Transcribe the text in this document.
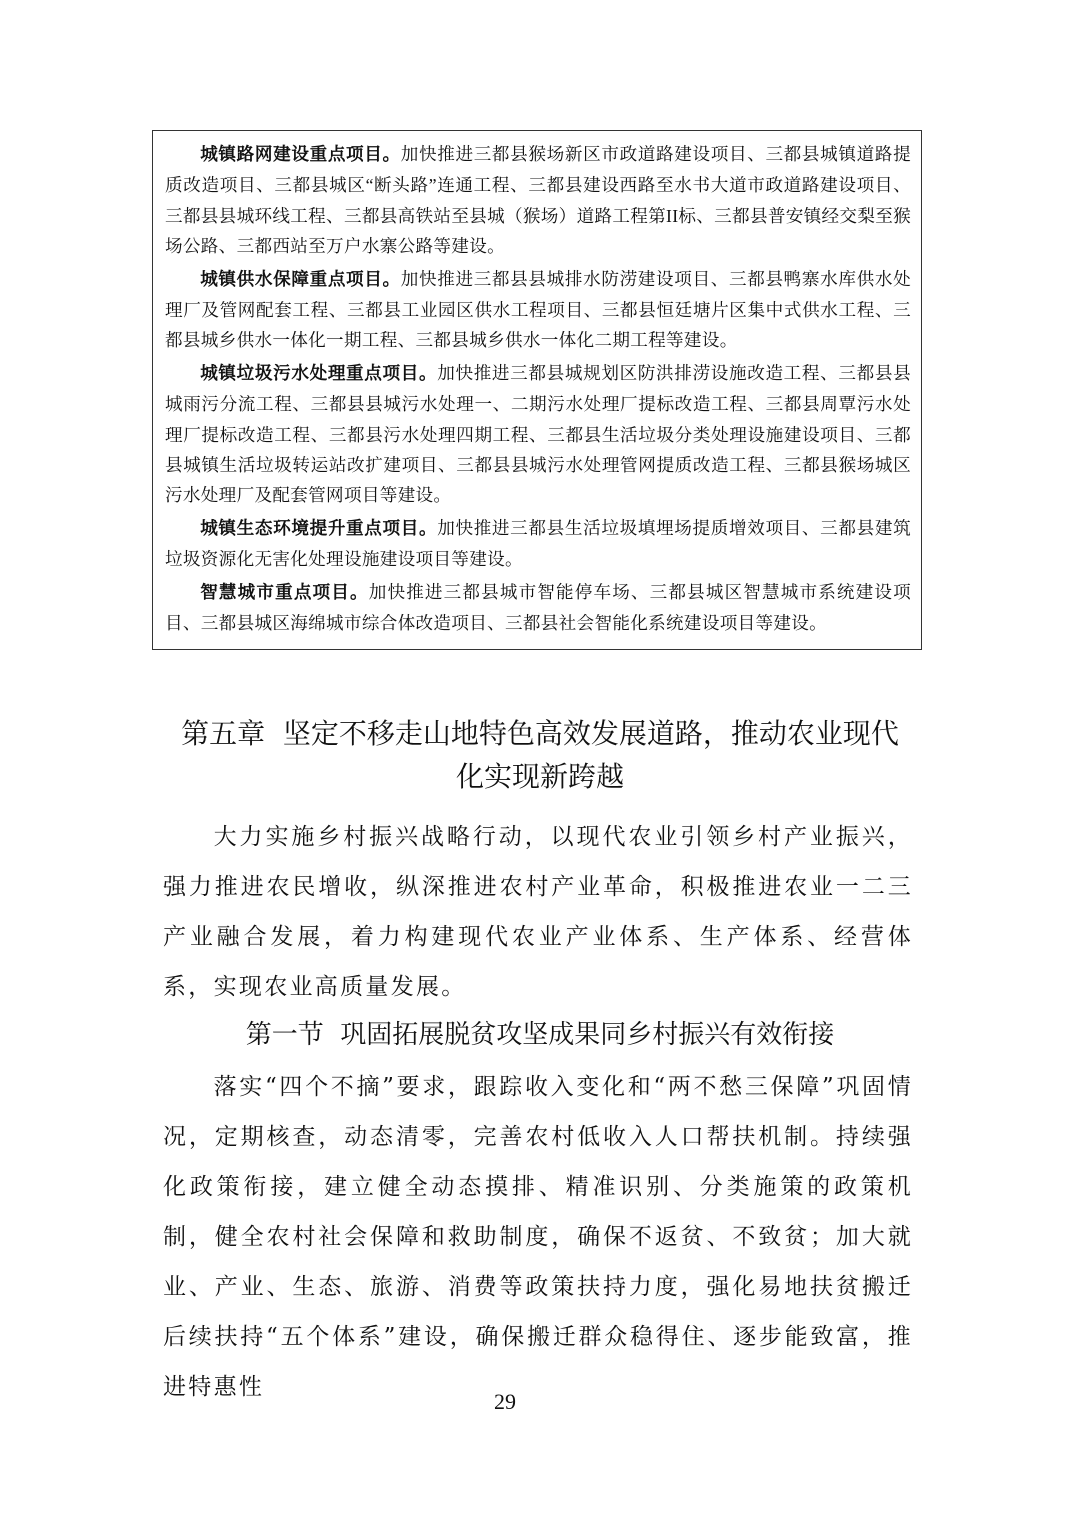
城镇路网建设重点项目。加快推进三都县猴场新区市政道路建设项目、三都县城镇道路提质改造项目、三都县城区“断头路”连通工程、三都县建设西路至水书大道市政道路建设项目、三都县县城环线工程、三都县高铁站至县城（猴场）道路工程第II标、三都县普安镇经交梨至猴场公路、三都西站至万户水寨公路等建设。

城镇供水保障重点项目。加快推进三都县县城排水防涝建设项目、三都县鸭寨水库供水处理厂及管网配套工程、三都县工业园区供水工程项目、三都县恒廷塘片区集中式供水工程、三都县城乡供水一体化一期工程、三都县城乡供水一体化二期工程等建设。

城镇垃圾污水处理重点项目。加快推进三都县城规划区防洪排涝设施改造工程、三都县县城雨污分流工程、三都县县城污水处理一、二期污水处理厂提标改造工程、三都县周覃污水处理厂提标改造工程、三都县污水处理四期工程、三都县生活垃圾分类处理设施建设项目、三都县城镇生活垃圾转运站改扩建项目、三都县县城污水处理管网提质改造工程、三都县猴场城区污水处理厂及配套管网项目等建设。

城镇生态环境提升重点项目。加快推进三都县生活垃圾填埋场提质增效项目、三都县建筑垃圾资源化无害化处理设施建设项目等建设。

智慧城市重点项目。加快推进三都县城市智能停车场、三都县城区智慧城市系统建设项目、三都县城区海绵城市综合体改造项目、三都县社会智能化系统建设项目等建设。

第五章  坚定不移走山地特色高效发展道路，推动农业现代
化实现新跨越

大力实施乡村振兴战略行动，以现代农业引领乡村产业振兴，强力推进农民增收，纵深推进农村产业革命，积极推进农业一二三产业融合发展，着力构建现代农业产业体系、生产体系、经营体系，实现农业高质量发展。

第一节  巩固拓展脱贫攻坚成果同乡村振兴有效衔接

落实“四个不摘”要求，跟踪收入变化和“两不愁三保障”巩固情况，定期核查，动态清零，完善农村低收入人口帮扶机制。持续强化政策衔接，建立健全动态摸排、精准识别、分类施策的政策机制，健全农村社会保障和救助制度，确保不返贫、不致贫；加大就业、产业、生态、旅游、消费等政策扶持力度，强化易地扶贫搬迁后续扶持“五个体系”建设，确保搬迁群众稳得住、逐步能致富，推进特惠性

29
